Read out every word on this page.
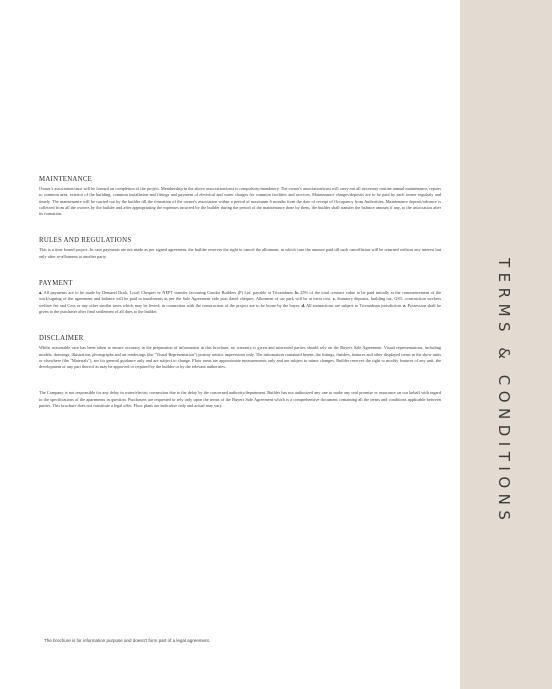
MAINTENANCE

Owner's association/trust will be formed on completion of the project. Membership in the above association/trust is compulsory/mandatory. The owner's association/trust will carry out all necessary routine annual maintenance, repairs to common area, exterior of the building, common installation and fittings and payment of electrical and water charges for common facilities and services. Maintenance charges/deposits are to be paid by each owner regularly and timely. The maintenance will be carried out by the builder till the formation of the owner's association within a period of maximum 6 months from the date of receipt of Occupancy from Authorities. Maintenance deposit/advance is collected from all the owners by the builder and after appropriating the expenses incurred by the builder during the period of the maintenance done by them, the builder shall transfer the balance amount if any, to the association after its formation.

RULES AND REGULATIONS

This is a time bound project. In case payments are not made as per signed agreement, the builder reserves the right to cancel the allotment, in which case the amount paid till such cancellation will be returned without any interest but only after re-allotment to another party.

PAYMENT

a. All payments are to be made by Demand Draft, Local Cheques or NEFT transfer favouring Condor Builders (P) Ltd. payable at Trivandrum. b. 25% of the total contract value to be paid initially at the commencement of the work/signing of the agreement and balance will be paid in instalments as per the Sale Agreement vide post dated cheques. Allotment of car park will be at extra cost. c. Statutory deposits, building tax, GST, construction workers welfare fee and Cess or any other similar taxes which may be levied, in connection with the construction of the project are to be borne by the buyer. d. All transactions are subject to Trivandrum jurisdiction. e. Possession shall be given to the purchaser after final settlement of all dues to the builder.

DISCLAIMER

Whilst reasonable care has been taken to ensure accuracy in the preparation of information in this brochure, no warranty is given and interested parties should rely on the Buyers Sale Agreement. Visual representations, including models, drawings, illustration, photographs and art renderings (the "Visual Representation") portray artistic impressions only. The information contained herein, the fittings, finishes, features and other displayed items in the show units or elsewhere (the "Materials"), are for general guidance only and are subject to change. Floor areas are approximate measurements only and are subject to minor changes. Builder reserves the right to modify features of any unit, the development or any part thereof as may be approved or required by the builder or by the relevant authorities.

The Company is not responsible for any delay in water/electric connection due to the delay by the concerned authority/department. Builder has not authorized any one to make any oral promise or assurance on our behalf with regard to the specifications of the apartments in question. Purchasers are requested to rely only upon the terms of the Buyers Sale Agreement which is a comprehensive document containing all the terms and conditions applicable between parties. This brochure does not constitute a legal offer. Floor plans are indicative only and actual may vary.

The brochure is for information purpose and doesn't form part of a legal agreement.
TERMS & CONDITIONS
